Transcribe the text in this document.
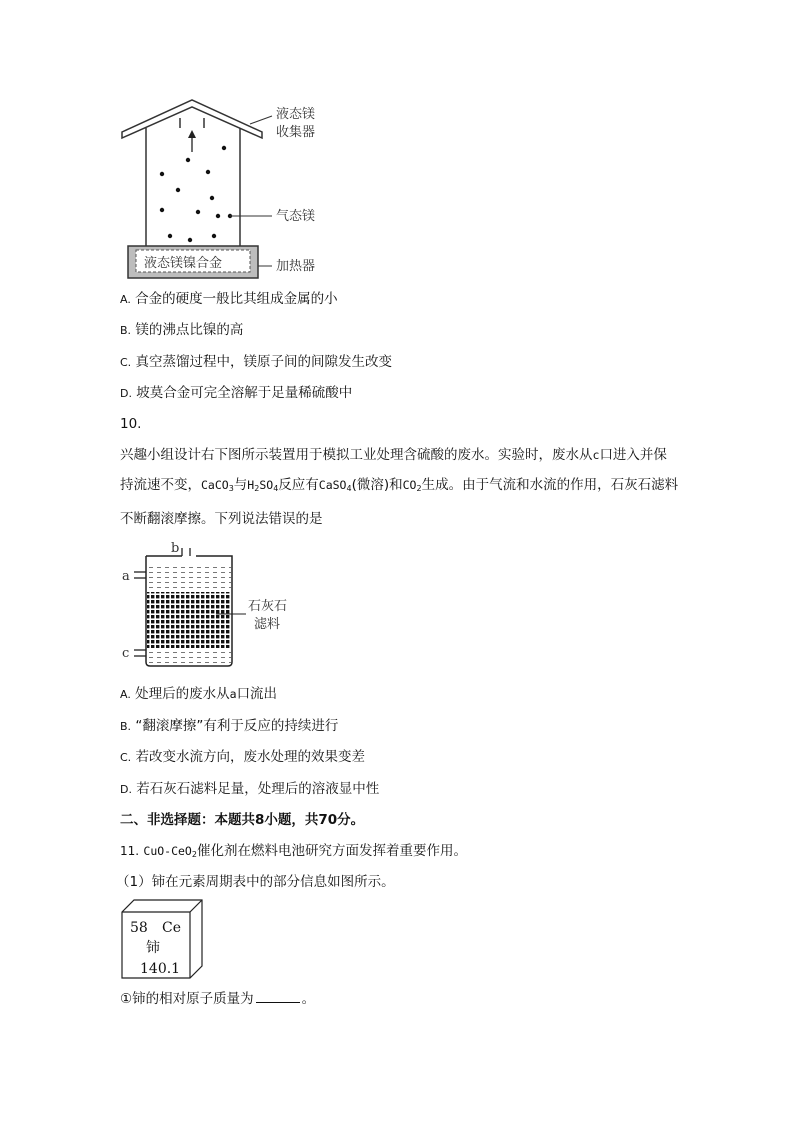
液态镁镍合金
液态镁
收集器
气态镁
加热器
A. 合金的硬度一般比其组成金属的小
B. 镁的沸点比镍的高
C. 真空蒸馏过程中，镁原子间的间隙发生改变
D. 坡莫合金可完全溶解于足量稀硫酸中
10.
兴趣小组设计右下图所示装置用于模拟工业处理含硫酸的废水。实验时，废水从c口进入并保持流速不变，CaCO$_3$与$H_2SO_4$反应有CaSO$_4$(微溶)和$CO_2$生成。由于气流和水流的作用，石灰石滤料不断翻滚摩擦。下列说法错误的是
b
a
c
石灰石
滤料
A. 处理后的废水从a口流出
B. “翻滚摩擦”有利于反应的持续进行
C. 若改变水流方向，废水处理的效果变差
D. 若石灰石滤料足量，处理后的溶液显中性
二、非选择题：本题共8小题，共70分。
11. CuO-CeO$_2$催化剂在燃料电池研究方面发挥着重要作用。
（1）铈在元素周期表中的部分信息如图所示。
58 Ce
铈
140.1
①铈的相对原子质量为	。
